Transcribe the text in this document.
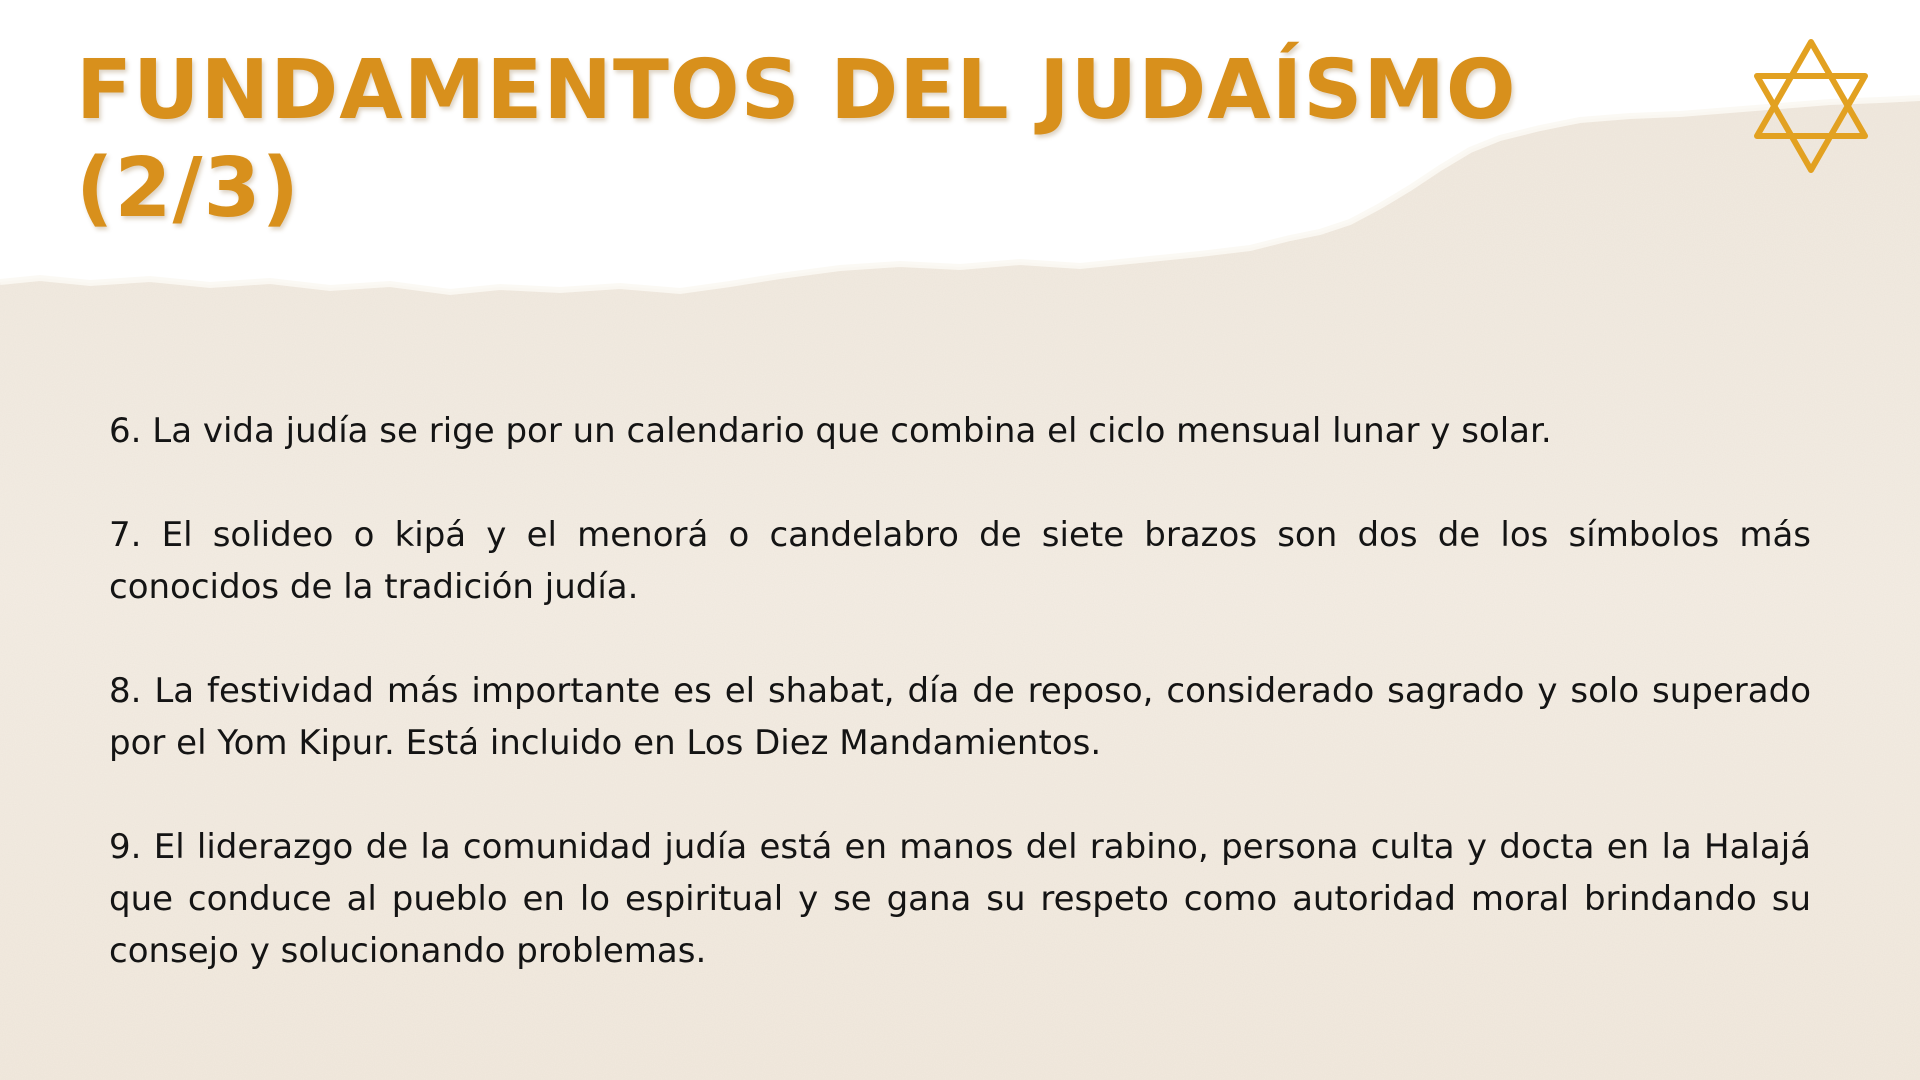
FUNDAMENTOS DEL JUDAÍSMO
(2/3)

6. La vida judía se rige por un calendario que combina el ciclo mensual lunar y solar.

7. El solideo o kipá y el menorá o candelabro de siete brazos son dos de los símbolos más conocidos de la tradición judía.

8. La festividad más importante es el shabat, día de reposo, considerado sagrado y solo superado por el Yom Kipur. Está incluido en Los Diez Mandamientos.

9. El liderazgo de la comunidad judía está en manos del rabino, persona culta y docta en la Halajá que conduce al pueblo en lo espiritual y se gana su respeto como autoridad moral brindando su consejo y solucionando problemas.
